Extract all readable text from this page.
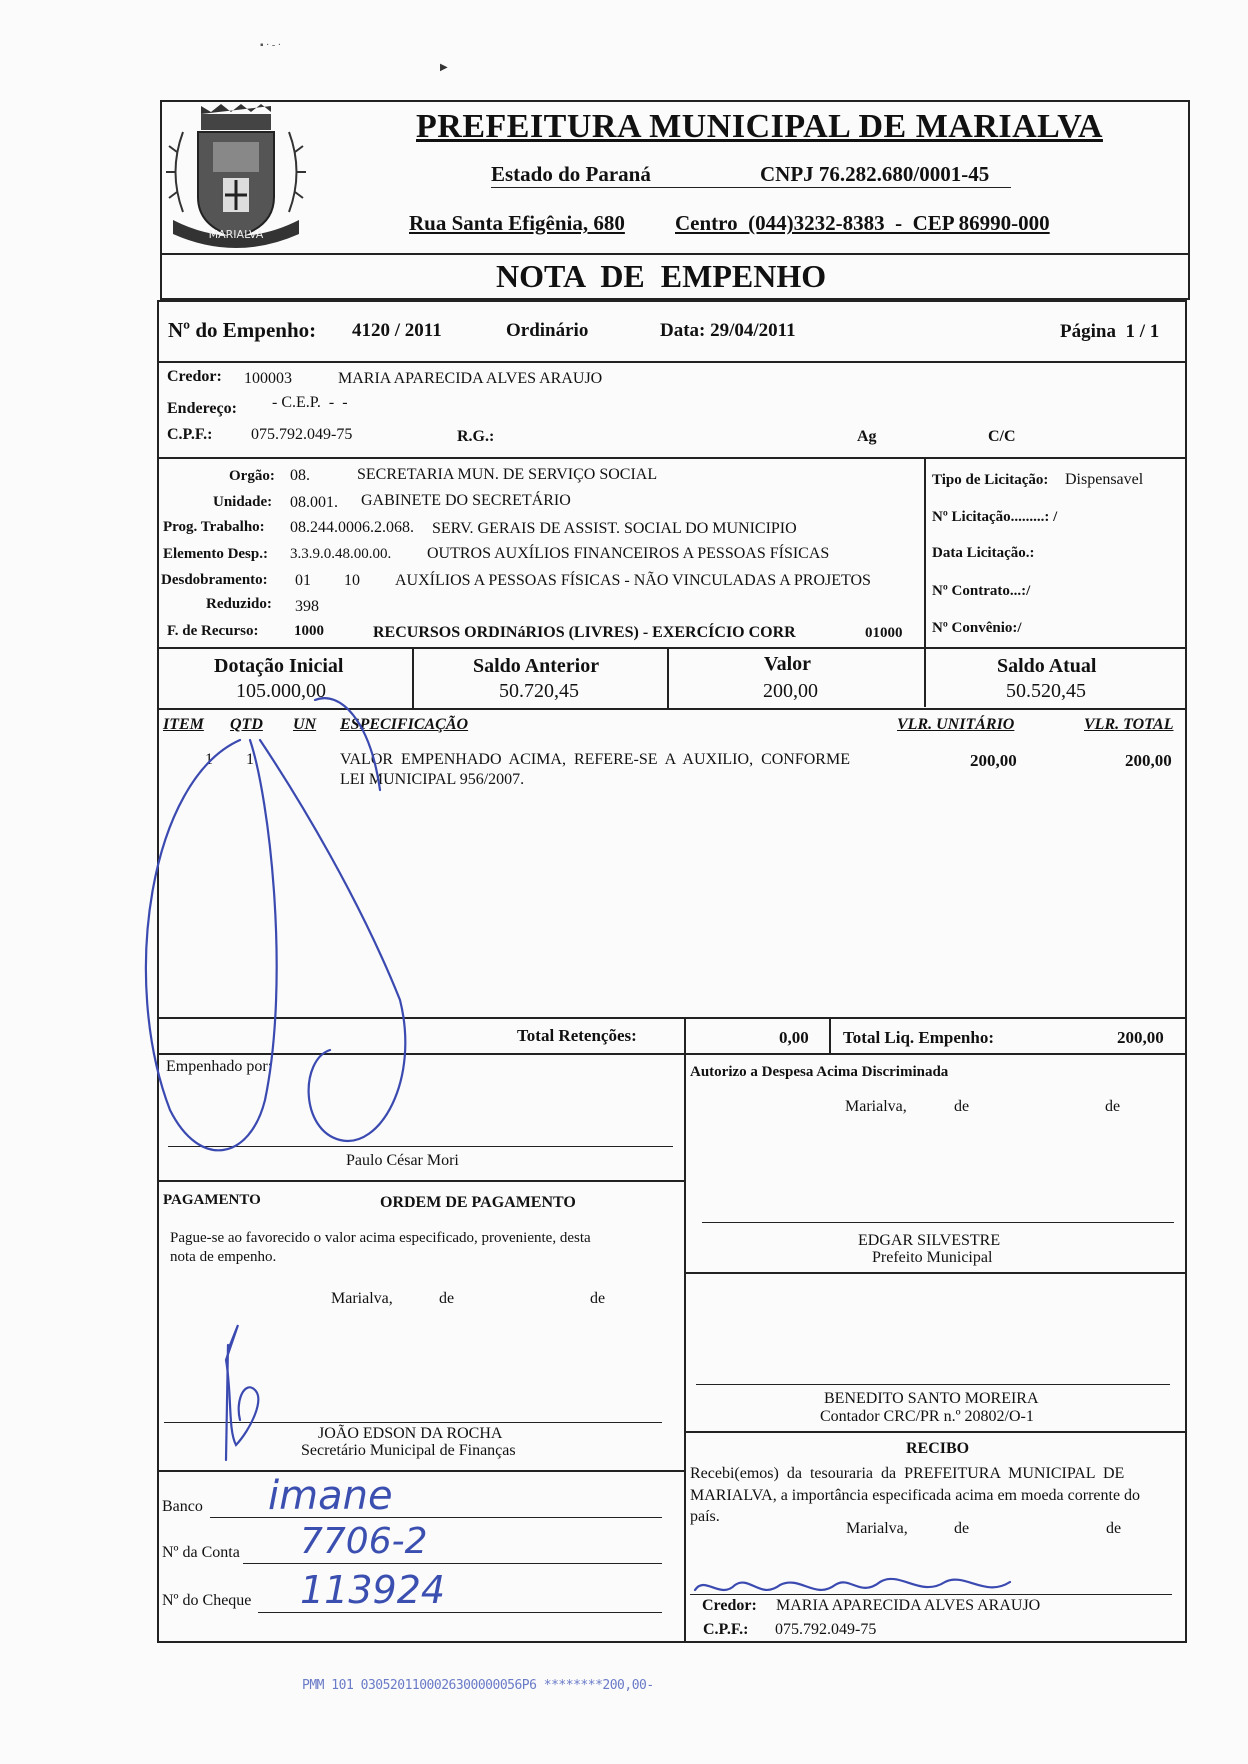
▪ · - ·
▶
MARIALVA
PREFEITURA MUNICIPAL DE MARIALVA
Estado do Paraná	CNPJ 76.282.680/0001-45
Rua Santa Efigênia, 680 Centro  (044)3232-8383  -  CEP 86990-000
NOTA  DE  EMPENHO
Nº do Empenho: 4120 / 2011	Ordinário	Data: 29/04/2011	Página  1 / 1
Credor: 100003	MARIA APARECIDA ALVES ARAUJO
Endereço: - C.E.P.  -  -
C.P.F.: 075.792.049-75	R.G.:	Ag	C/C
Orgão: 08.	SECRETARIA MUN. DE SERVIÇO SOCIAL
Unidade: 08.001. GABINETE DO SECRETÁRIO
Prog. Trabalho: 08.244.0006.2.068. SERV. GERAIS DE ASSIST. SOCIAL DO MUNICIPIO
Elemento Desp.: 3.3.9.0.48.00.00. OUTROS AUXÍLIOS FINANCEIROS A PESSOAS FÍSICAS
Desdobramento: 01 10 AUXÍLIOS A PESSOAS FÍSICAS - NÃO VINCULADAS A PROJETOS
Reduzido: 398
F. de Recurso: 1000	RECURSOS ORDINáRIOS (LIVRES) - EXERCÍCIO CORR	01000
Tipo de Licitação: Dispensavel
Nº Licitação.........: /
Data Licitação.:
Nº Contrato...:/
Nº Convênio:/
Dotação Inicial
105.000,00
Saldo Anterior
50.720,45
Valor
200,00
Saldo Atual
50.520,45
ITEM QTD UN ESPECIFICAÇÃO	VLR. UNITÁRIO	VLR. TOTAL
1 1	VALOR  EMPENHADO  ACIMA,  REFERE-SE  A  AUXILIO,  CONFORME
LEI MUNICIPAL 956/2007.
200,00	200,00
Total Retenções:	0,00 Total Liq. Empenho:	200,00
Empenhado por:
Paulo César Mori
Autorizo a Despesa Acima Discriminada
Marialva,	de	de
EDGAR SILVESTRE
Prefeito Municipal
PAGAMENTO	ORDEM DE PAGAMENTO
Pague-se ao favorecido o valor acima especificado, proveniente, desta
nota de empenho.
Marialva,	de	de
JOÃO EDSON DA ROCHA
Secretário Municipal de Finanças
BENEDITO SANTO MOREIRA
Contador CRC/PR n.º 20802/O-1
Banco imane
Nº da Conta 7706-2
Nº do Cheque 113924
RECIBO
Recebi(emos)  da  tesouraria  da  PREFEITURA  MUNICIPAL  DE
MARIALVA, a importância especificada acima em moeda corrente do
país.
Marialva,	de	de
Credor: MARIA APARECIDA ALVES ARAUJO
C.P.F.: 075.792.049-75
PMM 101 0305201100026300000056P6 ********200,00-
